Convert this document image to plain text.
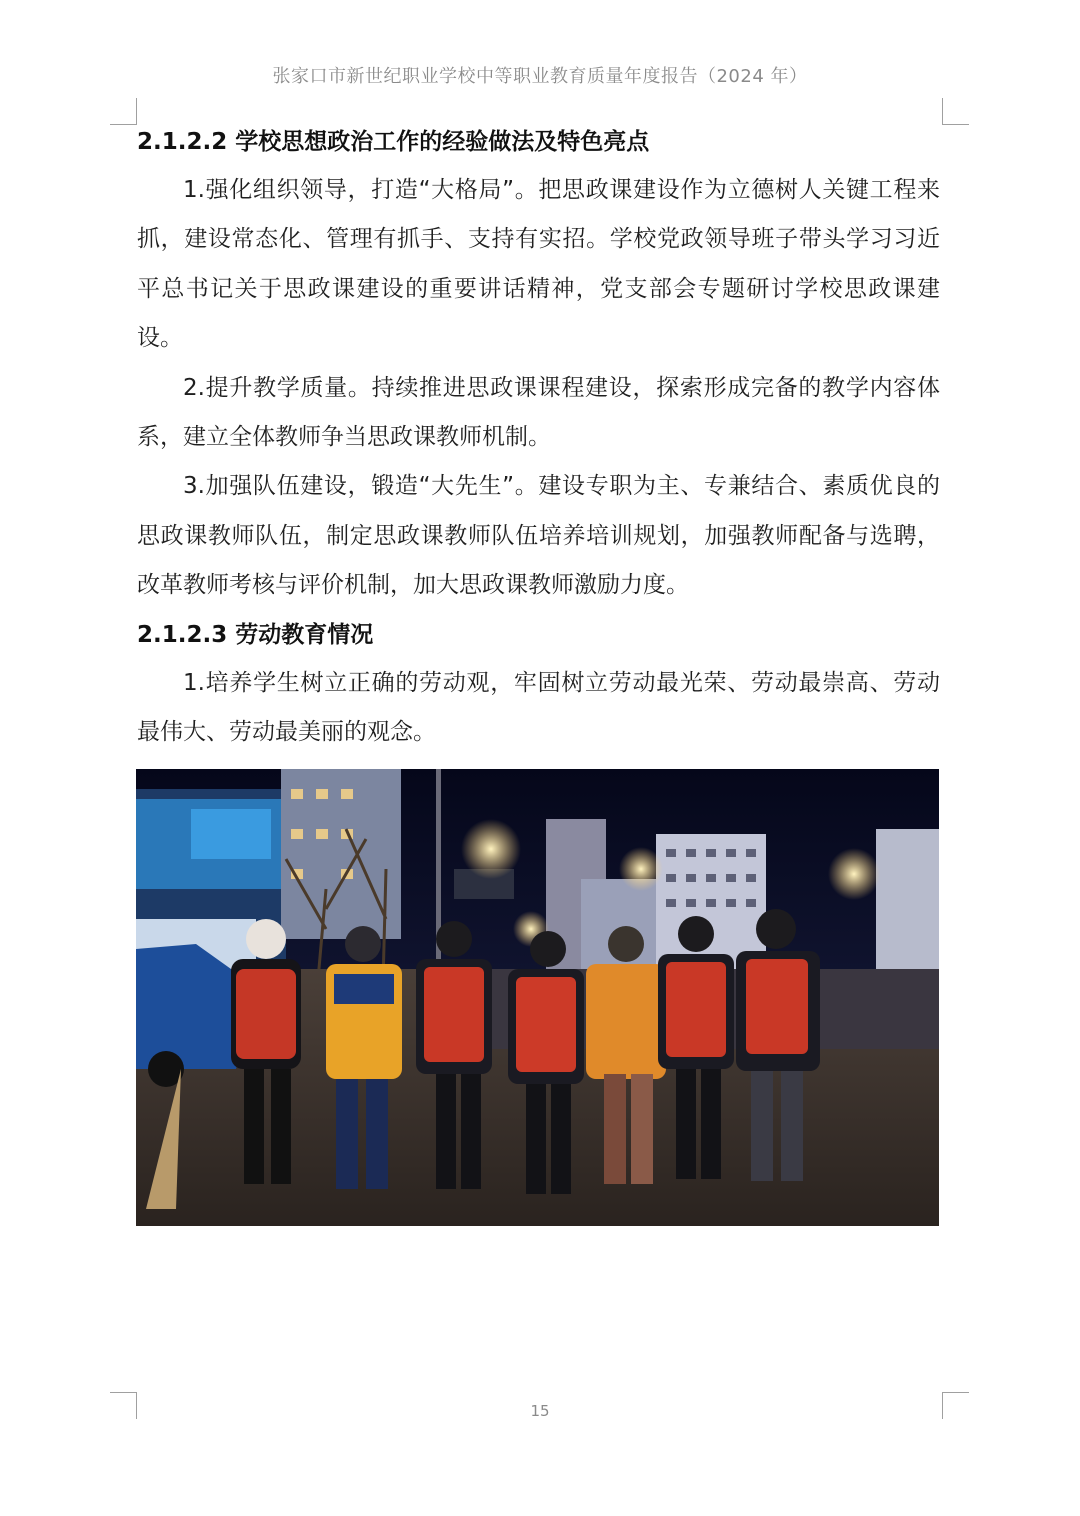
张家口市新世纪职业学校中等职业教育质量年度报告（2024 年）
2.1.2.2 学校思想政治工作的经验做法及特色亮点

1.强化组织领导，打造“大格局”。把思政课建设作为立德树人关键工程来抓，建设常态化、管理有抓手、支持有实招。学校党政领导班子带头学习习近平总书记关于思政课建设的重要讲话精神，党支部会专题研讨学校思政课建设。

2.提升教学质量。持续推进思政课课程建设，探索形成完备的教学内容体系，建立全体教师争当思政课教师机制。

3.加强队伍建设，锻造“大先生”。建设专职为主、专兼结合、素质优良的思政课教师队伍，制定思政课教师队伍培养培训规划，加强教师配备与选聘，改革教师考核与评价机制，加大思政课教师激励力度。

2.1.2.3 劳动教育情况

1.培养学生树立正确的劳动观，牢固树立劳动最光荣、劳动最崇高、劳动最伟大、劳动最美丽的观念。

15
